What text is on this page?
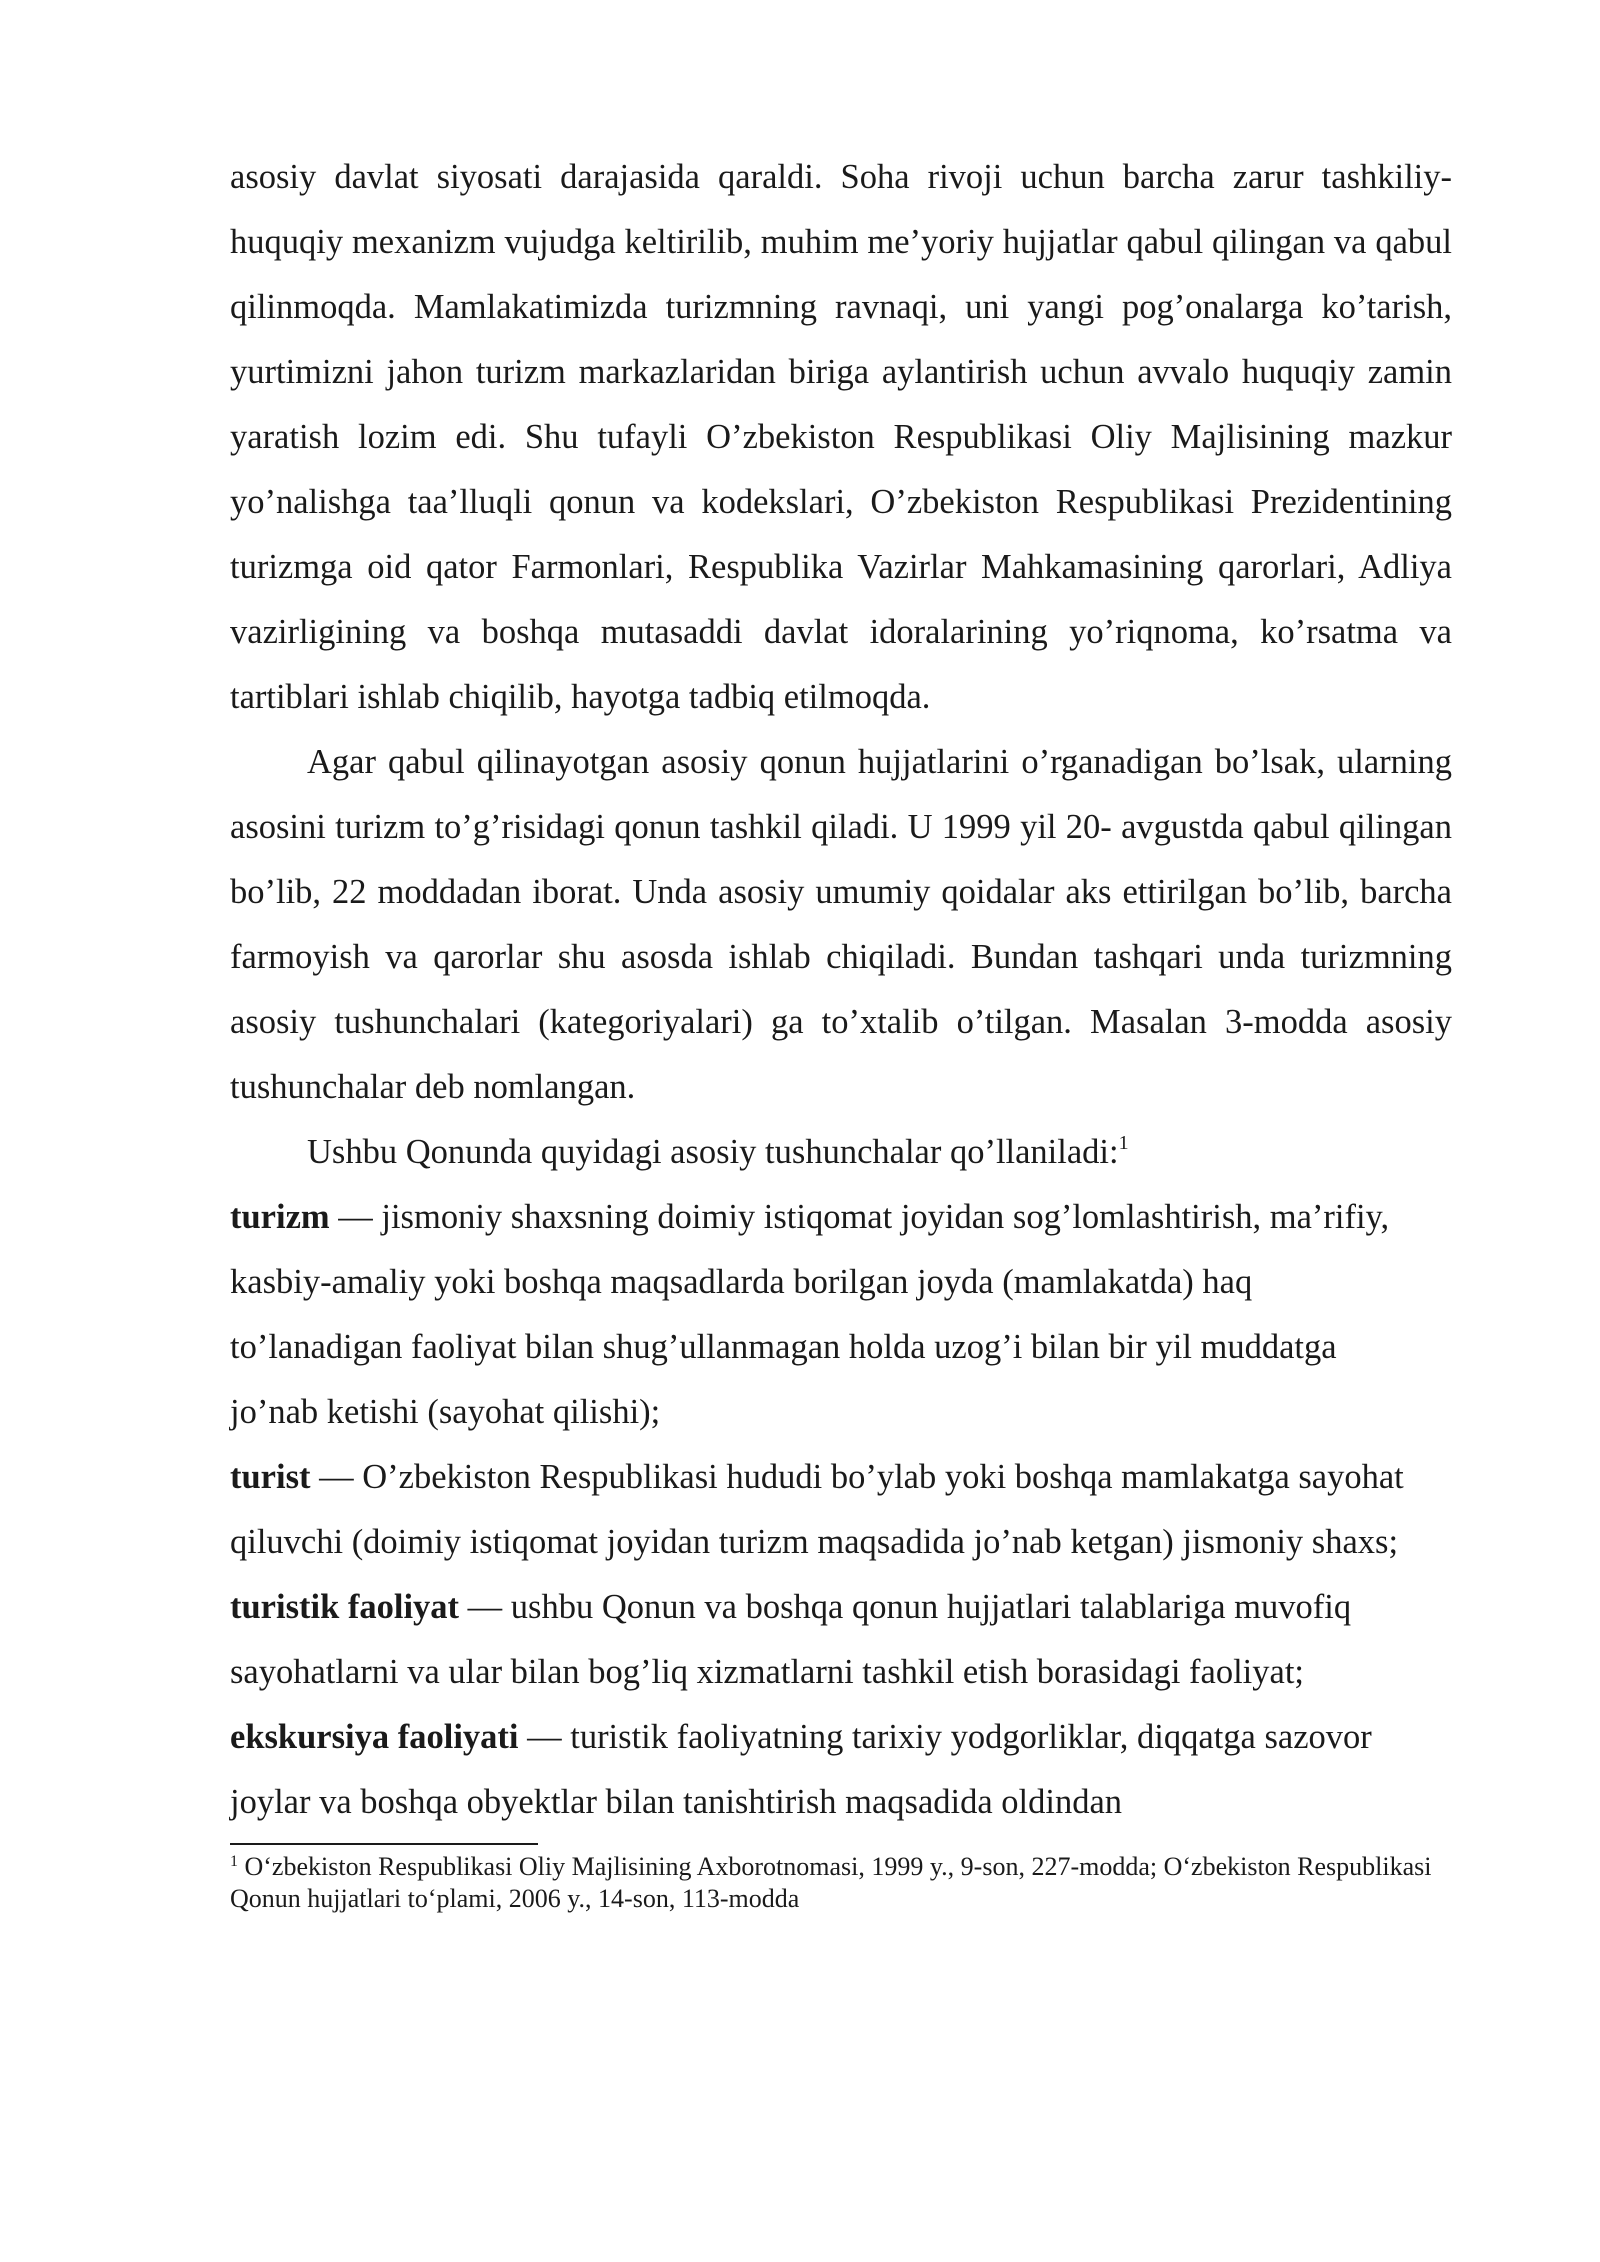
asosiy davlat siyosati darajasida qaraldi. Soha rivoji uchun barcha zarur tashkiliy-huquqiy mexanizm vujudga keltirilib, muhim me’yoriy hujjatlar qabul qilingan va qabul qilinmoqda. Mamlakatimizda turizmning ravnaqi, uni yangi pog’onalarga ko’tarish, yurtimizni jahon turizm markazlaridan biriga aylantirish uchun avvalo huquqiy zamin yaratish lozim edi. Shu tufayli O’zbekiston Respublikasi Oliy Majlisining mazkur yo’nalishga taa’lluqli qonun va kodekslari, O’zbekiston Respublikasi Prezidentining turizmga oid qator Farmonlari, Respublika Vazirlar Mahkamasining qarorlari, Adliya vazirligining va boshqa mutasaddi davlat idoralarining yo’riqnoma, ko’rsatma va tartiblari ishlab chiqilib, hayotga tadbiq etilmoqda.

Agar qabul qilinayotgan asosiy qonun hujjatlarini o’rganadigan bo’lsak, ularning asosini turizm to’g’risidagi qonun tashkil qiladi. U 1999 yil 20- avgustda qabul qilingan bo’lib, 22 moddadan iborat. Unda asosiy umumiy qoidalar aks ettirilgan bo’lib, barcha farmoyish va qarorlar shu asosda ishlab chiqiladi. Bundan tashqari unda turizmning asosiy tushunchalari (kategoriyalari) ga to’xtalib o’tilgan. Masalan 3-modda asosiy tushunchalar deb nomlangan.

Ushbu Qonunda quyidagi asosiy tushunchalar qo’llaniladi:$^1$

turizm — jismoniy shaxsning doimiy istiqomat joyidan sog’lomlashtirish, ma’rifiy, kasbiy-amaliy yoki boshqa maqsadlarda borilgan joyda (mamlakatda) haq to’lanadigan faoliyat bilan shug’ullanmagan holda uzog’i bilan bir yil muddatga jo’nab ketishi (sayohat qilishi);

turist — O’zbekiston Respublikasi hududi bo’ylab yoki boshqa mamlakatga sayohat qiluvchi (doimiy istiqomat joyidan turizm maqsadida jo’nab ketgan) jismoniy shaxs;

turistik faoliyat — ushbu Qonun va boshqa qonun hujjatlari talablariga muvofiq sayohatlarni va ular bilan bog’liq xizmatlarni tashkil etish borasidagi faoliyat;

ekskursiya faoliyati — turistik faoliyatning tarixiy yodgorliklar, diqqatga sazovor joylar va boshqa obyektlar bilan tanishtirish maqsadida oldindan

$^1$ O‘zbekiston Respublikasi Oliy Majlisining Axborotnomasi, 1999 y., 9-son, 227-modda; O‘zbekiston Respublikasi Qonun hujjatlari to‘plami, 2006 y., 14-son, 113-modda
